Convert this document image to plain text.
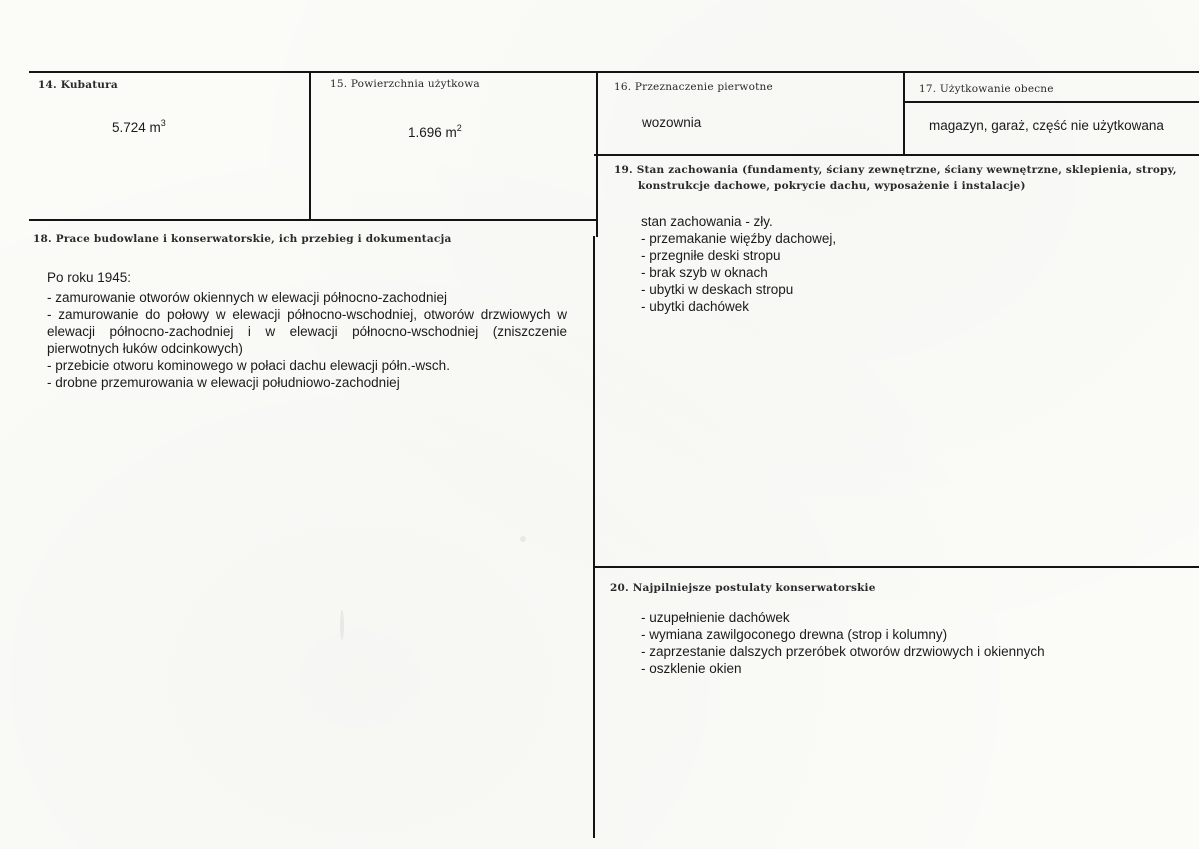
14. Kubatura
5.724 $m^3$
15. Powierzchnia użytkowa
1.696 $m^2$
16. Przeznaczenie pierwotne
wozownia
17. Użytkowanie obecne
magazyn, garaż, część nie użytkowana
18. Prace budowlane i konserwatorskie, ich przebieg i dokumentacja
Po roku 1945:
- zamurowanie otworów okiennych w elewacji północno-zachodniej
- zamurowanie do połowy w elewacji północno-wschodniej, otworów drzwiowych w elewacji północno-zachodniej i w elewacji północno-wschodniej (zniszczenie pierwotnych łuków odcinkowych)
- przebicie otworu kominowego w połaci dachu elewacji półn.-wsch.
- drobne przemurowania w elewacji południowo-zachodniej
19. Stan zachowania (fundamenty, ściany zewnętrzne, ściany wewnętrzne, sklepienia, stropy,
konstrukcje dachowe, pokrycie dachu, wyposażenie i instalacje)
stan zachowania - zły.
- przemakanie więźby dachowej,
- przegniłe deski stropu
- brak szyb w oknach
- ubytki w deskach stropu
- ubytki dachówek
20. Najpilniejsze postulaty konserwatorskie
- uzupełnienie dachówek
- wymiana zawilgoconego drewna (strop i kolumny)
- zaprzestanie dalszych przeróbek otworów drzwiowych i okiennych
- oszklenie okien
